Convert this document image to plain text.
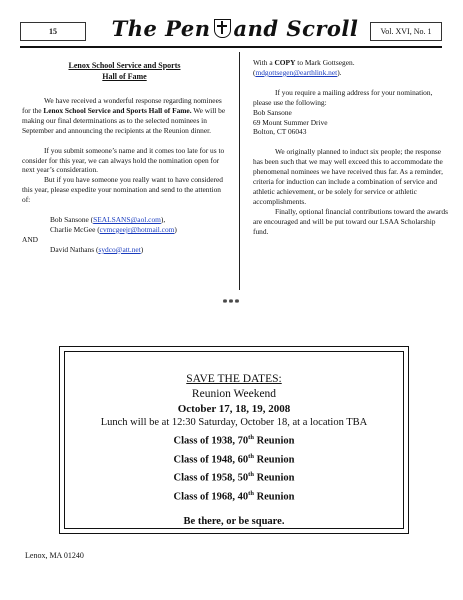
15	The Pen and Scroll	Vol. XVI, No. 1
Lenox School Service and Sports
Hall of Fame

We have received a wonderful response regarding nominees for the Lenox School Service and Sports Hall of Fame. We will be making our final determinations as to the selected nominees in September and announcing the recipients at the Reunion dinner.

If you submit someone’s name and it comes too late for us to consider for this year, we can always hold the nomination open for next year’s consideration.

But if you have someone you really want to have considered this year, please expedite your nomination and send to the attention of:

Bob Sansone (SEALSANS@aol.com),
Charlie McGee (cvmcgeejr@hotmail.com)
AND
David Nathans (sydco@att.net)

With a COPY to Mark Gottsegen.
(mdgottsegen@earthlink.net).

If you require a mailing address for your nomination, please use the following:

Bob Sansone

69 Mount Summer Drive

Bolton, CT 06043

We originally planned to induct six people; the response has been such that we may well exceed this to accommodate the phenomenal nominees we have received thus far. As a reminder, criteria for induction can include a combination of service and athletic achievement, or be solely for service or athletic accomplishments.

Finally, optional financial contributions toward the awards are encouraged and will be put toward our LSAA Scholarship fund.

***
SAVE THE DATES:
Reunion Weekend
October 17, 18, 19, 2008
Lunch will be at 12:30 Saturday, October 18, at a location TBA
Class of 1938, 70th Reunion
Class of 1948, 60th Reunion
Class of 1958, 50th Reunion
Class of 1968, 40th Reunion
Be there, or be square.
Lenox, MA 01240
